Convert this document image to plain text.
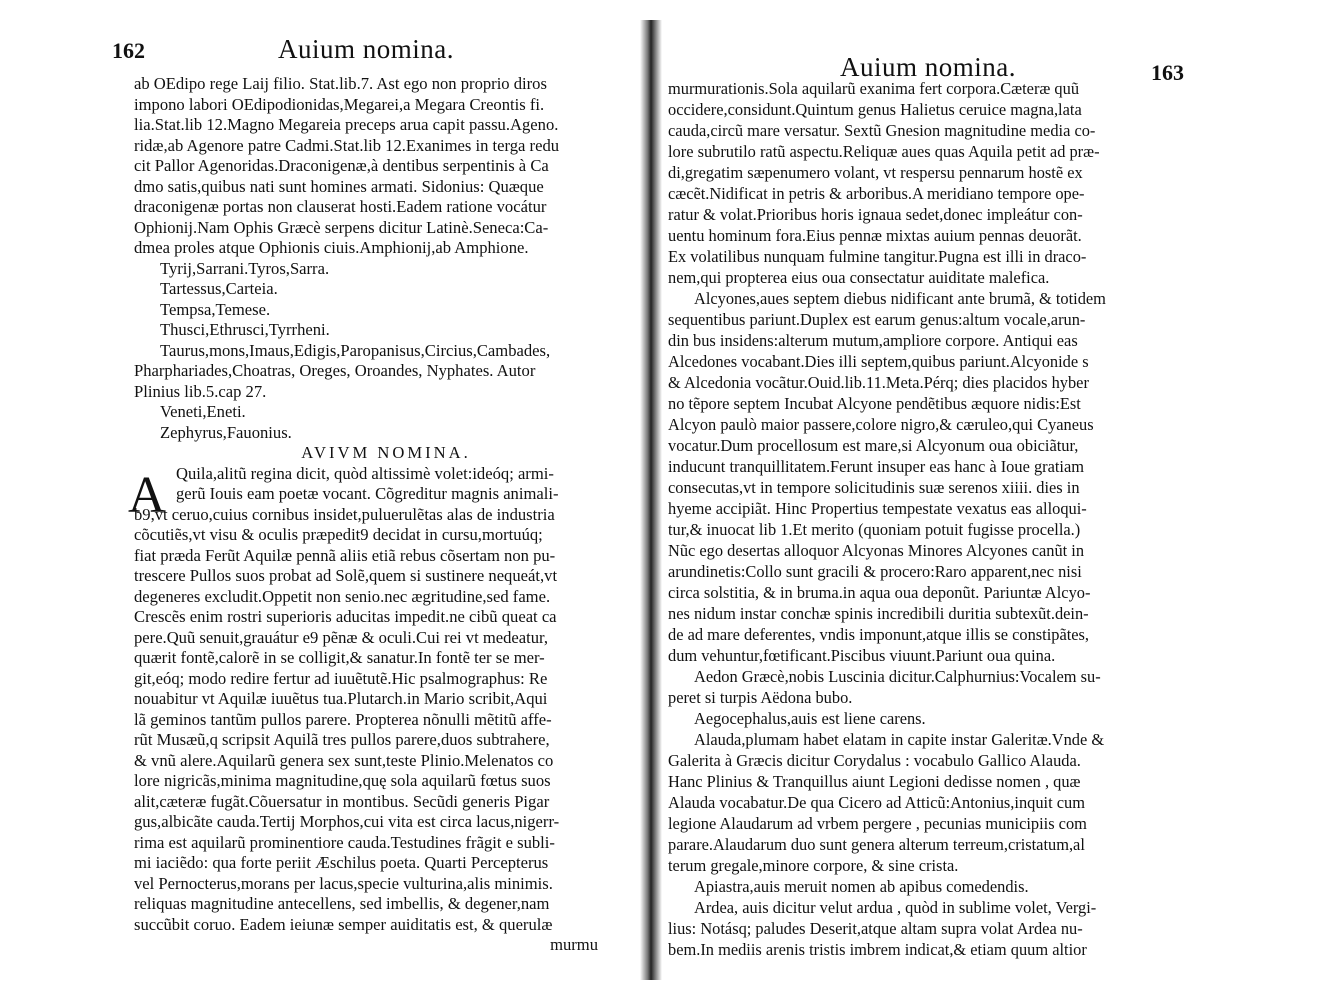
162	Auium nomina.
ab OEdipo rege Laij filio. Stat.lib.7. Ast ego non proprio diros
impono labori OEdipodionidas,Megarei,a Megara Creontis fi.
lia.Stat.lib 12.Magno Megareia preceps arua capit passu.Ageno.
ridæ,ab Agenore patre Cadmi.Stat.lib 12.Exanimes in terga redu
cit Pallor Agenoridas.Draconigenæ,à dentibus serpentinis à Ca
dmo satis,quibus nati sunt homines armati. Sidonius: Quæque
draconigenæ portas non clauserat hosti.Eadem ratione vocátur
Ophionij.Nam Ophis Græcè serpens dicitur Latinè.Seneca:Ca-
dmea proles atque Ophionis ciuis.Amphionij,ab Amphione.
Tyrij,Sarrani.Tyros,Sarra.
Tartessus,Carteia.
Tempsa,Temese.
Thusci,Ethrusci,Tyrrheni.
Taurus,mons,Imaus,Edigis,Paropanisus,Circius,Cambades,
Pharphariades,Choatras, Oreges, Oroandes, Nyphates. Autor
Plinius lib.5.cap 27.
Veneti,Eneti.
Zephyrus,Fauonius.
AVIVM NOMINA.
A Quila,alitũ regina dicit, quòd altissimè volet:ideóq; armi-
gerũ Iouis eam poetæ vocant. Cõgreditur magnis animali-
b9,vt ceruo,cuius cornibus insidet,puluerulẽtas alas de industria
cõcutiẽs,vt visu & oculis præpedit9 decidat in cursu,mortuúq;
fiat præda Ferũt Aquilæ pennã aliis etiã rebus cõsertam non pu-
trescere Pullos suos probat ad Solẽ,quem si sustinere nequeát,vt
degeneres excludit.Oppetit non senio.nec ægritudine,sed fame.
Crescẽs enim rostri superioris aducitas impedit.ne cibũ queat ca
pere.Quũ senuit,grauátur e9 pẽnæ & oculi.Cui rei vt medeatur,
quærit fontẽ,calorẽ in se colligit,& sanatur.In fontẽ ter se mer-
git,eóq; modo redire fertur ad iuuẽtutẽ.Hic psalmographus: Re
nouabitur vt Aquilæ iuuẽtus tua.Plutarch.in Mario scribit,Aqui
lã geminos tantũm pullos parere. Propterea nõnulli mẽtitũ affe-
rũt Musæũ,q scripsit Aquilã tres pullos parere,duos subtrahere,
& vnũ alere.Aquilarũ genera sex sunt,teste Plinio.Melenatos co
lore nigricãs,minima magnitudine,quę sola aquilarũ fœtus suos
alit,cæteræ fugãt.Cõuersatur in montibus. Secũdi generis Pigar
gus,albicãte cauda.Tertij Morphos,cui vita est circa lacus,nigerr-
rima est aquilarũ prominentiore cauda.Testudines frãgit e subli-
mi iaciẽdo: qua forte periit Æschilus poeta. Quarti Percepterus
vel Pernocterus,morans per lacus,specie vulturina,alis minimis.
reliquas magnitudine antecellens, sed imbellis, & degener,nam
succũbit coruo. Eadem ieiunæ semper auiditatis est, & querulæ
murmu
Auium nomina.	163
murmurationis.Sola aquilarũ exanima fert corpora.Cæteræ quũ
occidere,considunt.Quintum genus Halietus ceruice magna,lata
cauda,circũ mare versatur. Sextũ Gnesion magnitudine media co-
lore subrutilo ratũ aspectu.Reliquæ aues quas Aquila petit ad præ-
di,gregatim sæpenumero volant, vt respersu pennarum hostẽ ex
cæcẽt.Nidificat in petris & arboribus.A meridiano tempore ope-
ratur & volat.Prioribus horis ignaua sedet,donec impleátur con-
uentu hominum fora.Eius pennæ mixtas auium pennas deuorãt.
Ex volatilibus nunquam fulmine tangitur.Pugna est illi in draco-
nem,qui propterea eius oua consectatur auiditate malefica.
Alcyones,aues septem diebus nidificant ante brumã, & totidem
sequentibus pariunt.Duplex est earum genus:altum vocale,arun-
din bus insidens:alterum mutum,ampliore corpore. Antiqui eas
Alcedones vocabant.Dies illi septem,quibus pariunt.Alcyonide s
& Alcedonia vocãtur.Ouid.lib.11.Meta.Pérq; dies placidos hyber
no tẽpore septem Incubat Alcyone pendẽtibus æquore nidis:Est
Alcyon paulò maior passere,colore nigro,& cæruleo,qui Cyaneus
vocatur.Dum procellosum est mare,si Alcyonum oua obiciãtur,
inducunt tranquillitatem.Ferunt insuper eas hanc à Ioue gratiam
consecutas,vt in tempore solicitudinis suæ serenos xiiii. dies in
hyeme accipiãt. Hinc Propertius tempestate vexatus eas alloqui-
tur,& inuocat lib 1.Et merito (quoniam potuit fugisse procella.)
Nũc ego desertas alloquor Alcyonas Minores Alcyones canũt in
arundinetis:Collo sunt gracili & procero:Raro apparent,nec nisi
circa solstitia, & in bruma.in aqua oua deponũt. Pariuntæ Alcyo-
nes nidum instar conchæ spinis incredibili duritia subtexũt.dein-
de ad mare deferentes, vndis imponunt,atque illis se constipãtes,
dum vehuntur,fœtificant.Piscibus viuunt.Pariunt oua quina.
Aedon Græcè,nobis Luscinia dicitur.Calphurnius:Vocalem su-
peret si turpis Aëdona bubo.
Aegocephalus,auis est liene carens.
Alauda,plumam habet elatam in capite instar Galeritæ.Vnde &
Galerita à Græcis dicitur Corydalus : vocabulo Gallico Alauda.
Hanc Plinius & Tranquillus aiunt Legioni dedisse nomen , quæ
Alauda vocabatur.De qua Cicero ad Atticũ:Antonius,inquit cum
legione Alaudarum ad vrbem pergere , pecunias municipiis com
parare.Alaudarum duo sunt genera alterum terreum,cristatum,al
terum gregale,minore corpore, & sine crista.
Apiastra,auis meruit nomen ab apibus comedendis.
Ardea, auis dicitur velut ardua , quòd in sublime volet, Vergi-
lius: Notásq; paludes Deserit,atque altam supra volat Ardea nu-
bem.In mediis arenis tristis imbrem indicat,& etiam quum altior
